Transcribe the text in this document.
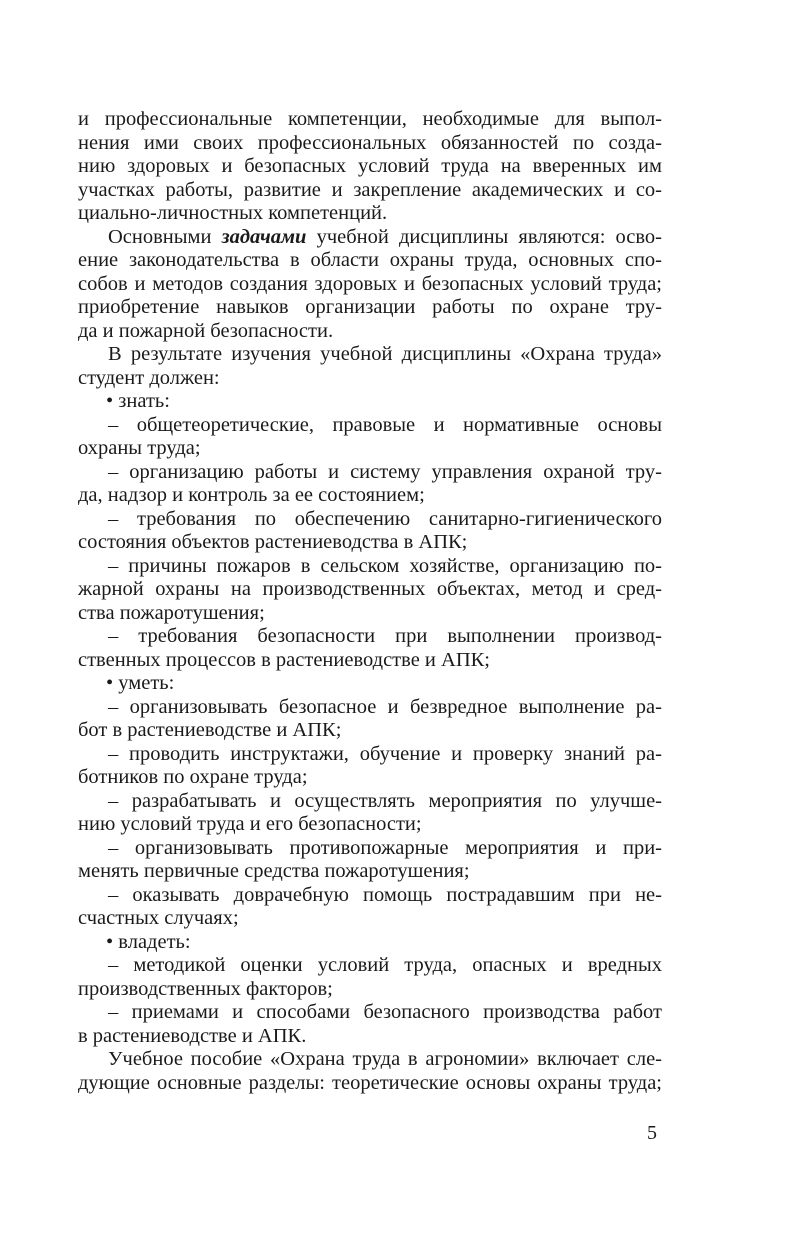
и профессиональные компетенции, необходимые для выпол-
нения ими своих профессиональных обязанностей по созда-
нию здоровых и безопасных условий труда на вверенных им
участках работы, развитие и закрепление академических и со-
циально-личностных компетенций.
Основными задачами учебной дисциплины являются: осво-
ение законодательства в области охраны труда, основных спо-
собов и методов создания здоровых и безопасных условий труда;
приобретение навыков организации работы по охране тру-
да и пожарной безопасности.
В результате изучения учебной дисциплины «Охрана труда»
студент должен:
• знать:
– общетеоретические, правовые и нормативные основы
охраны труда;
– организацию работы и систему управления охраной тру-
да, надзор и контроль за ее состоянием;
– требования по обеспечению санитарно-гигиенического
состояния объектов растениеводства в АПК;
– причины пожаров в сельском хозяйстве, организацию по-
жарной охраны на производственных объектах, метод и сред-
ства пожаротушения;
– требования безопасности при выполнении производ-
ственных процессов в растениеводстве и АПК;
• уметь:
– организовывать безопасное и безвредное выполнение ра-
бот в растениеводстве и АПК;
– проводить инструктажи, обучение и проверку знаний ра-
ботников по охране труда;
– разрабатывать и осуществлять мероприятия по улучше-
нию условий труда и его безопасности;
– организовывать противопожарные мероприятия и при-
менять первичные средства пожаротушения;
– оказывать доврачебную помощь пострадавшим при не-
счастных случаях;
• владеть:
– методикой оценки условий труда, опасных и вредных
производственных факторов;
– приемами и способами безопасного производства работ
в растениеводстве и АПК.
Учебное пособие «Охрана труда в агрономии» включает сле-
дующие основные разделы: теоретические основы охраны труда;
5
